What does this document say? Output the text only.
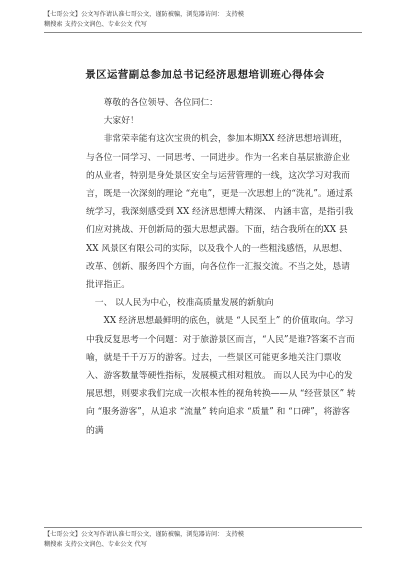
【七哥公文】公文写作请认准七哥公文，谨防被骗，浏览器访问： 支持模
糊搜索 支持公文润色、专业公文 代写
景区运营副总参加总书记经济思想培训班心得体会

尊敬的各位领导、各位同仁：

大家好！

非常荣幸能有这次宝贵的机会，参加本期XX 经济思想培训班，与各位一同学习、一同思考、一同进步。作为一名来自基层旅游企业的从业者，特别是身处景区安全与运营管理的一线，这次学习对我而言，既是一次深刻的理论 “充电”，更是一次思想上的“洗礼”。通过系统学习，我深刻感受到 XX 经济思想博大精深、 内涵丰富，是指引我们应对挑战、开创新局的强大思想武器。下面，结合我所在的XX 县 XX 风景区有限公司的实际，以及我个人的一些粗浅感悟，从思想、改革、创新、服务四个方面，向各位作一汇报交流。不当之处，恳请批评指正。

一、 以人民为中心，校准高质量发展的新航向

XX 经济思想最鲜明的底色，就是 “人民至上” 的价值取向。学习中我反复思考一个问题：对于旅游景区而言，“人民”是谁?答案不言而喻，就是千千万万的游客。过去，一些景区可能更多地关注门票收入、游客数量等硬性指标，发展模式相对粗放。 而以人民为中心的发展思想，则要求我们完成一次根本性的视角转换——从 “经营景区” 转向 “服务游客”，从追求 “流量” 转向追求 “质量” 和 “口碑”，将游客的满

【七哥公文】公文写作请认准七哥公文，谨防被骗，浏览器访问： 支持模
糊搜索 支持公文润色、专业公文 代写
